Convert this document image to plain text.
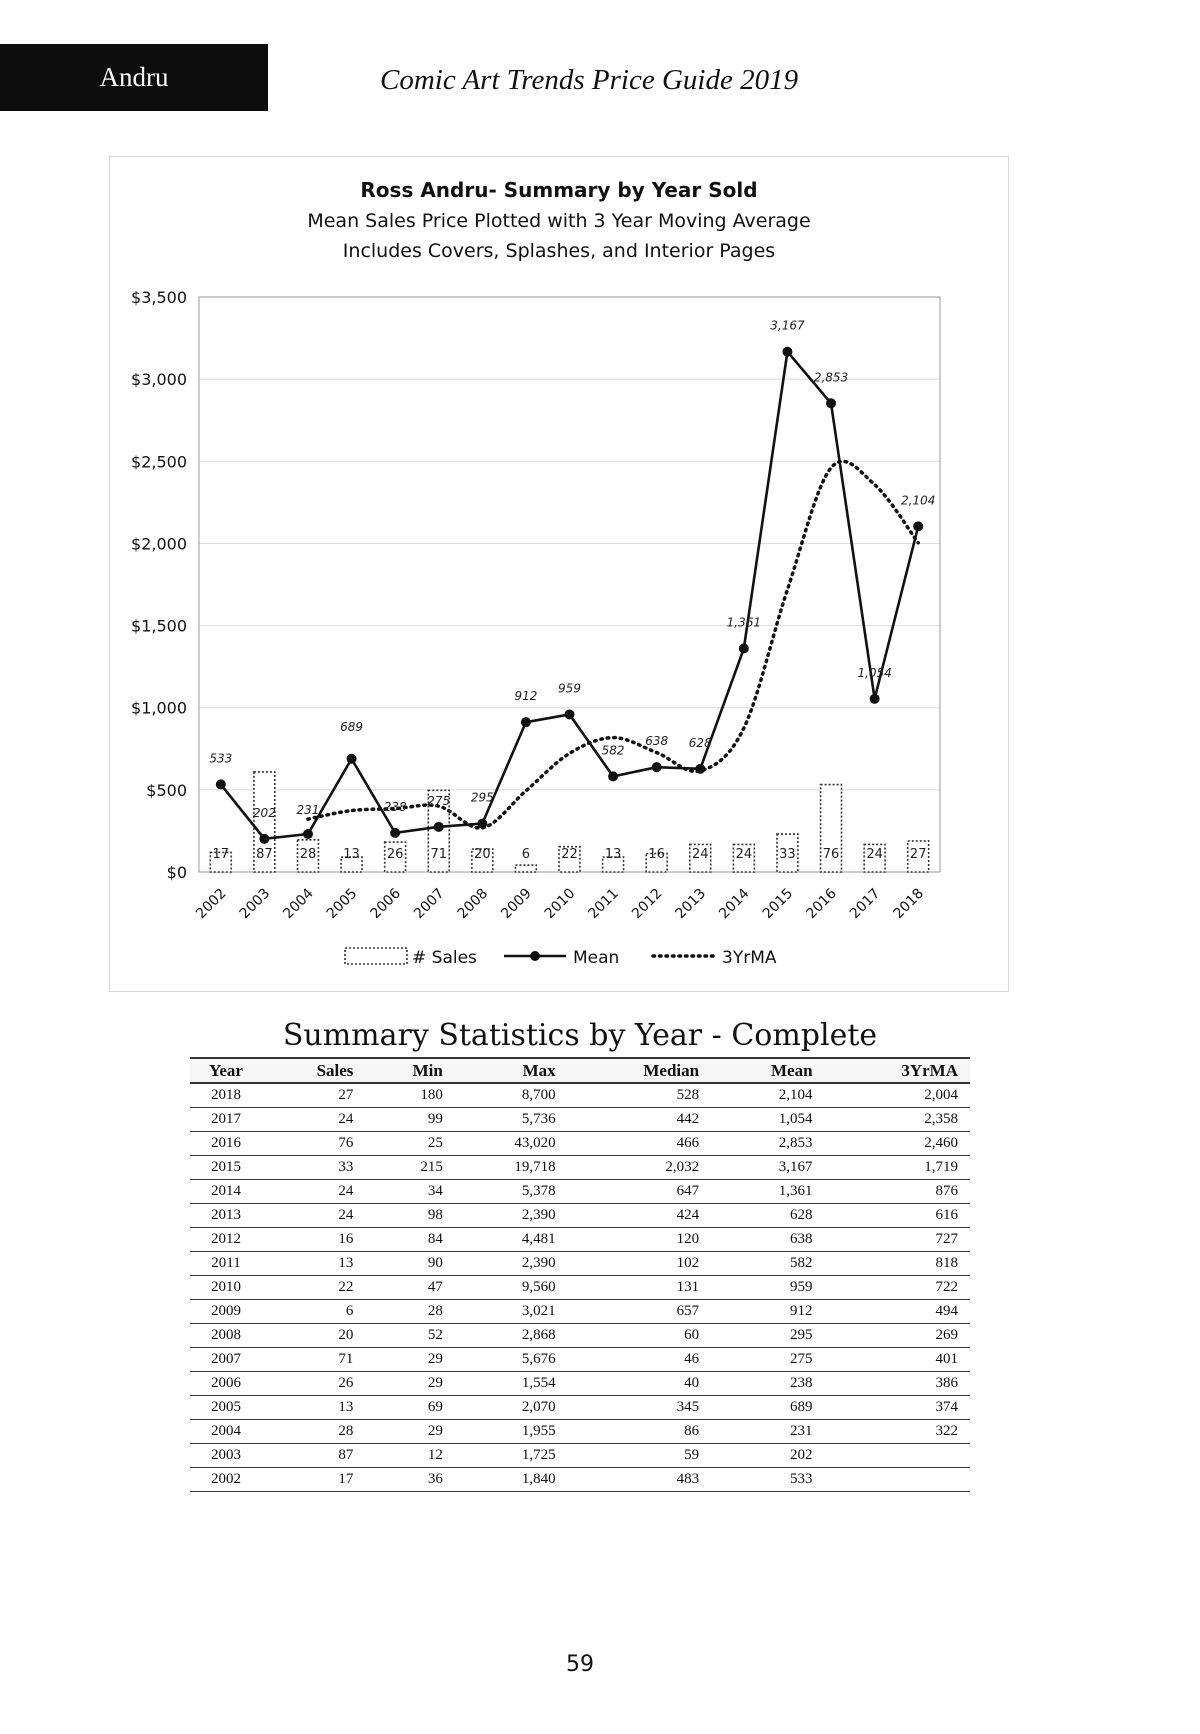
Andru	Comic Art Trends Price Guide 2019
Ross Andru- Summary by Year Sold
Mean Sales Price Plotted with 3 Year Moving Average
Includes Covers, Splashes, and Interior Pages
$0
$500
$1,000
$1,500
$2,000
$2,500
$3,000
$3,500
17 87 28 13 26 71 20 6 22 13 16 24 24 33 76 24 27
533
202 231
689
238 275 295
912
959
582
638 628
1,361
3,167
2,853
1,054
2,104
2002 2003 2004 2005 2006 2007 2008 2009 2010 2011 2012 2013 2014 2015 2016 2017 2018
# Sales	Mean	3YrMA
Summary Statistics by Year - Complete
Year	Sales	Min	Max	Median	Mean	3YrMA
2018	27	180	8,700	528	2,104	2,004
2017	24	99	5,736	442	1,054	2,358
2016	76	25	43,020	466	2,853	2,460
2015	33	215	19,718	2,032	3,167	1,719
2014	24	34	5,378	647	1,361	876
2013	24	98	2,390	424	628	616
2012	16	84	4,481	120	638	727
2011	13	90	2,390	102	582	818
2010	22	47	9,560	131	959	722
2009	6	28	3,021	657	912	494
2008	20	52	2,868	60	295	269
2007	71	29	5,676	46	275	401
2006	26	29	1,554	40	238	386
2005	13	69	2,070	345	689	374
2004	28	29	1,955	86	231	322
2003	87	12	1,725	59	202	
2002	17	36	1,840	483	533	
59
